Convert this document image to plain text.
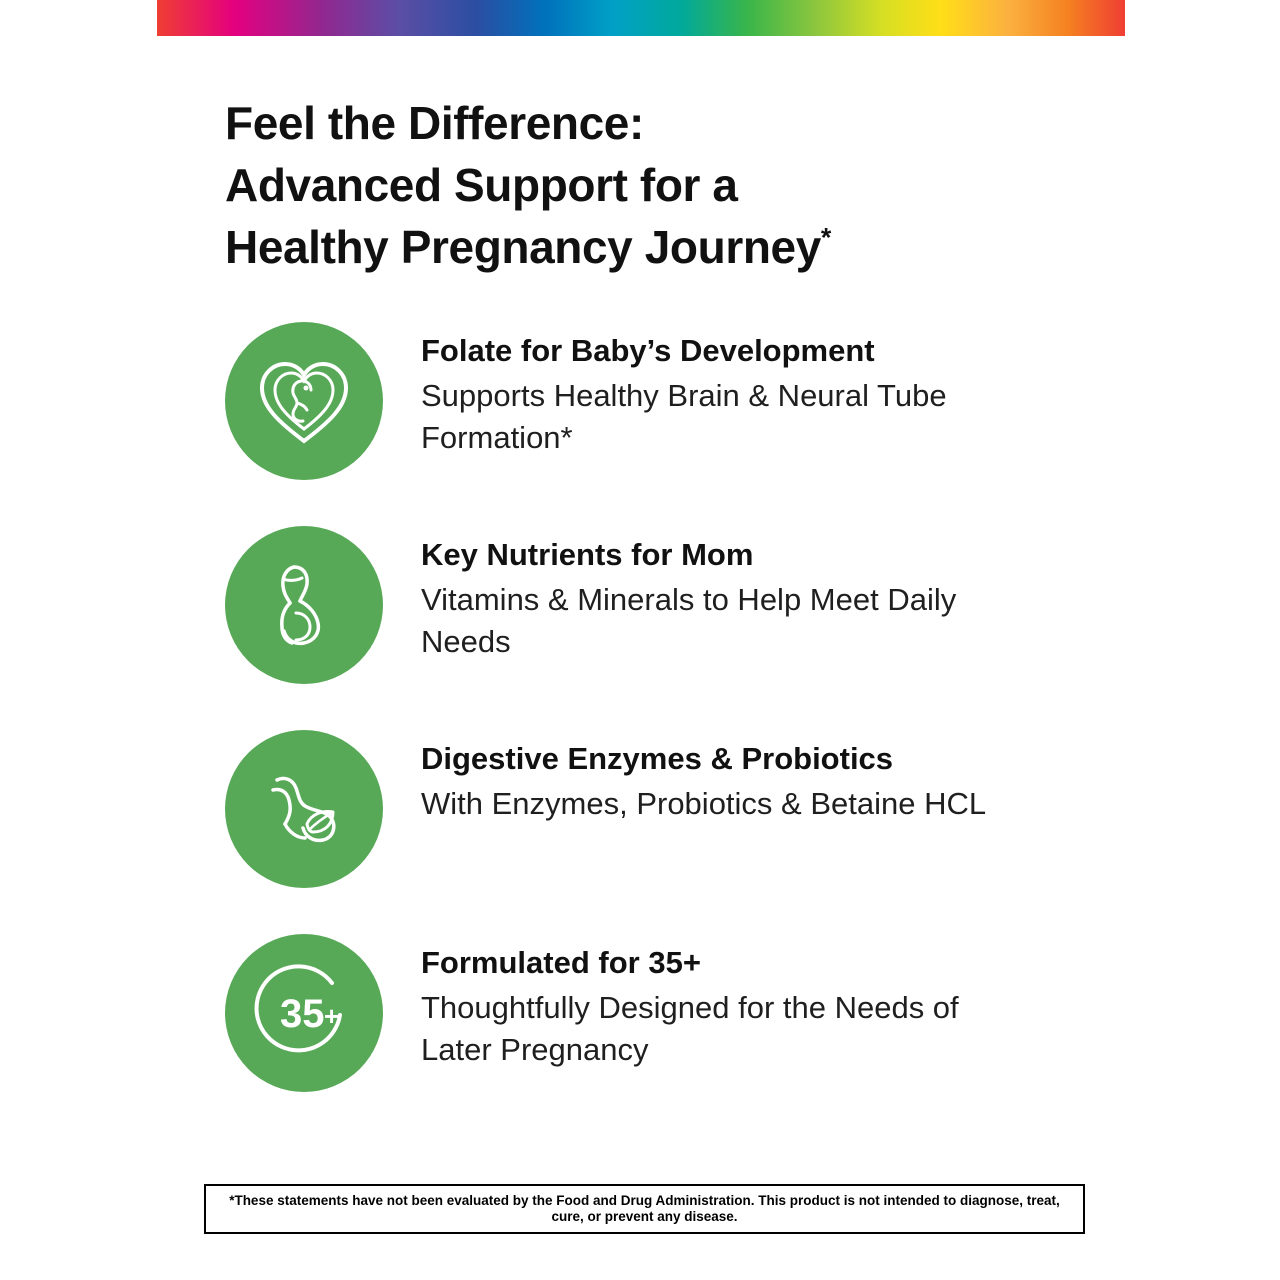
Feel the Difference:
Advanced Support for a
Healthy Pregnancy Journey*

Folate for Baby’s Development

Supports Healthy Brain & Neural Tube Formation*

Key Nutrients for Mom

Vitamins & Minerals to Help Meet Daily Needs

Digestive Enzymes & Probiotics

With Enzymes, Probiotics & Betaine HCL

35 +

Formulated for 35+

Thoughtfully Designed for the Needs of Later Pregnancy

*These statements have not been evaluated by the Food and Drug Administration. This product is not intended to diagnose, treat, cure, or prevent any disease.
